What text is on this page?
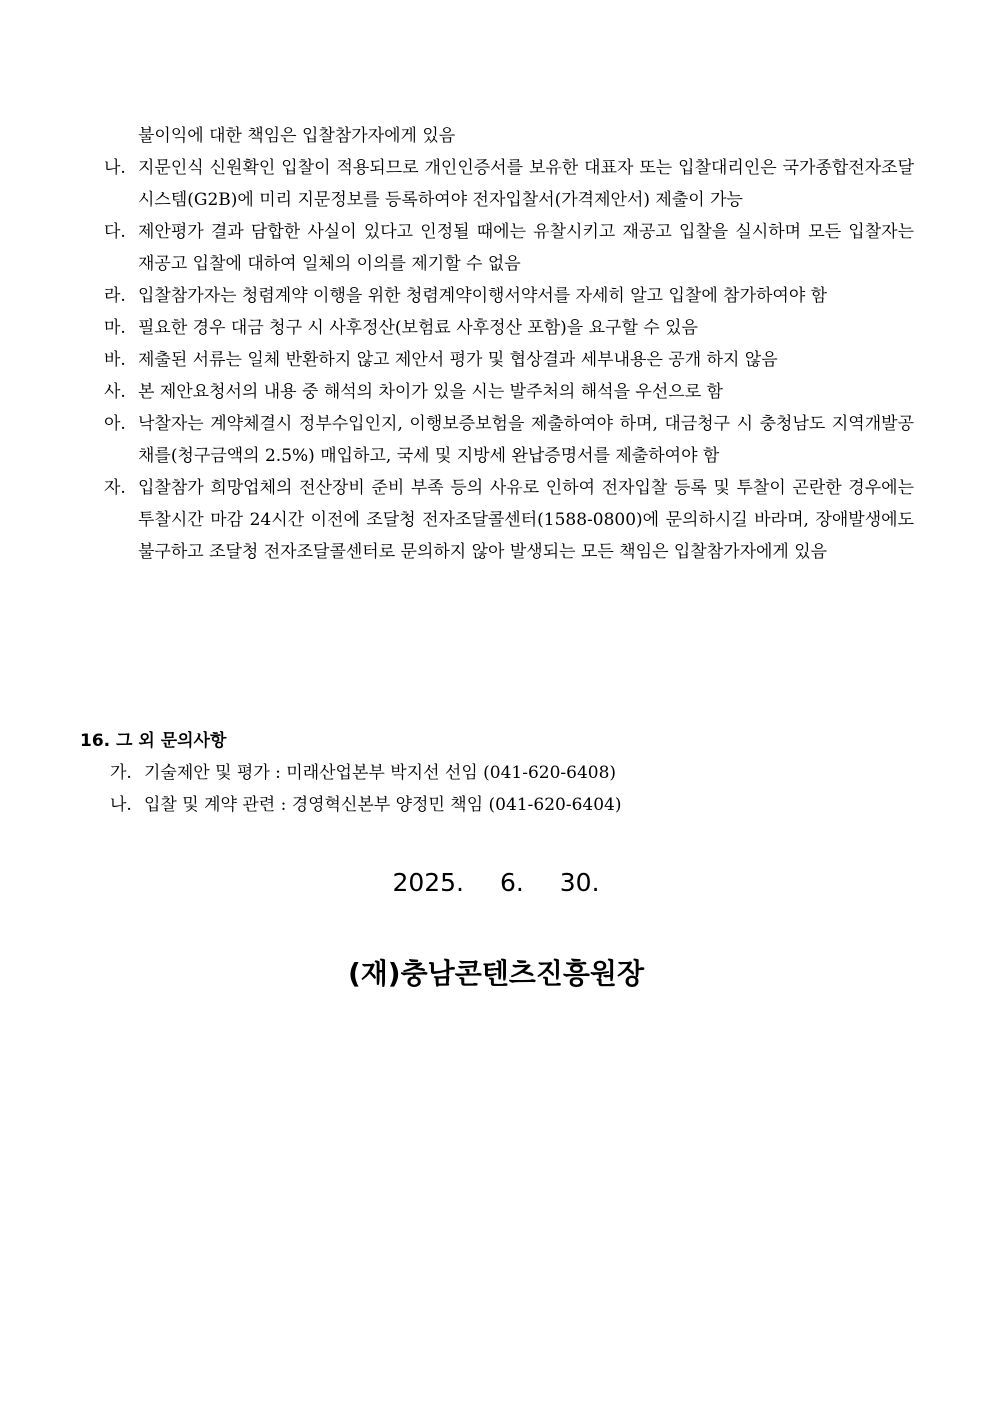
불이익에 대한 책임은 입찰참가자에게 있음
나. 지문인식 신원확인 입찰이 적용되므로 개인인증서를 보유한 대표자 또는 입찰대리인은 국가종합전자조달시스템(G2B)에 미리 지문정보를 등록하여야 전자입찰서(가격제안서) 제출이 가능
다. 제안평가 결과 담합한 사실이 있다고 인정될 때에는 유찰시키고 재공고 입찰을 실시하며 모든 입찰자는 재공고 입찰에 대하여 일체의 이의를 제기할 수 없음
라. 입찰참가자는 청렴계약 이행을 위한 청렴계약이행서약서를 자세히 알고 입찰에 참가하여야 함
마. 필요한 경우 대금 청구 시 사후정산(보험료 사후정산 포함)을 요구할 수 있음
바. 제출된 서류는 일체 반환하지 않고 제안서 평가 및 협상결과 세부내용은 공개 하지 않음
사. 본 제안요청서의 내용 중 해석의 차이가 있을 시는 발주처의 해석을 우선으로 함
아. 낙찰자는 계약체결시 정부수입인지, 이행보증보험을 제출하여야 하며, 대금청구 시 충청남도 지역개발공채를(청구금액의 2.5%) 매입하고, 국세 및 지방세 완납증명서를 제출하여야 함
자. 입찰참가 희망업체의 전산장비 준비 부족 등의 사유로 인하여 전자입찰 등록 및 투찰이 곤란한 경우에는 투찰시간 마감 24시간 이전에 조달청 전자조달콜센터(1588-0800)에 문의하시길 바라며, 장애발생에도 불구하고 조달청 전자조달콜센터로 문의하지 않아 발생되는 모든 책임은 입찰참가자에게 있음
16. 그 외 문의사항
가. 기술제안 및 평가 : 미래산업본부 박지선 선임 (041-620-6408)
나. 입찰 및 계약 관련 : 경영혁신본부 양정민 책임 (041-620-6404)
2025. 6. 30.
(재)충남콘텐츠진흥원장
